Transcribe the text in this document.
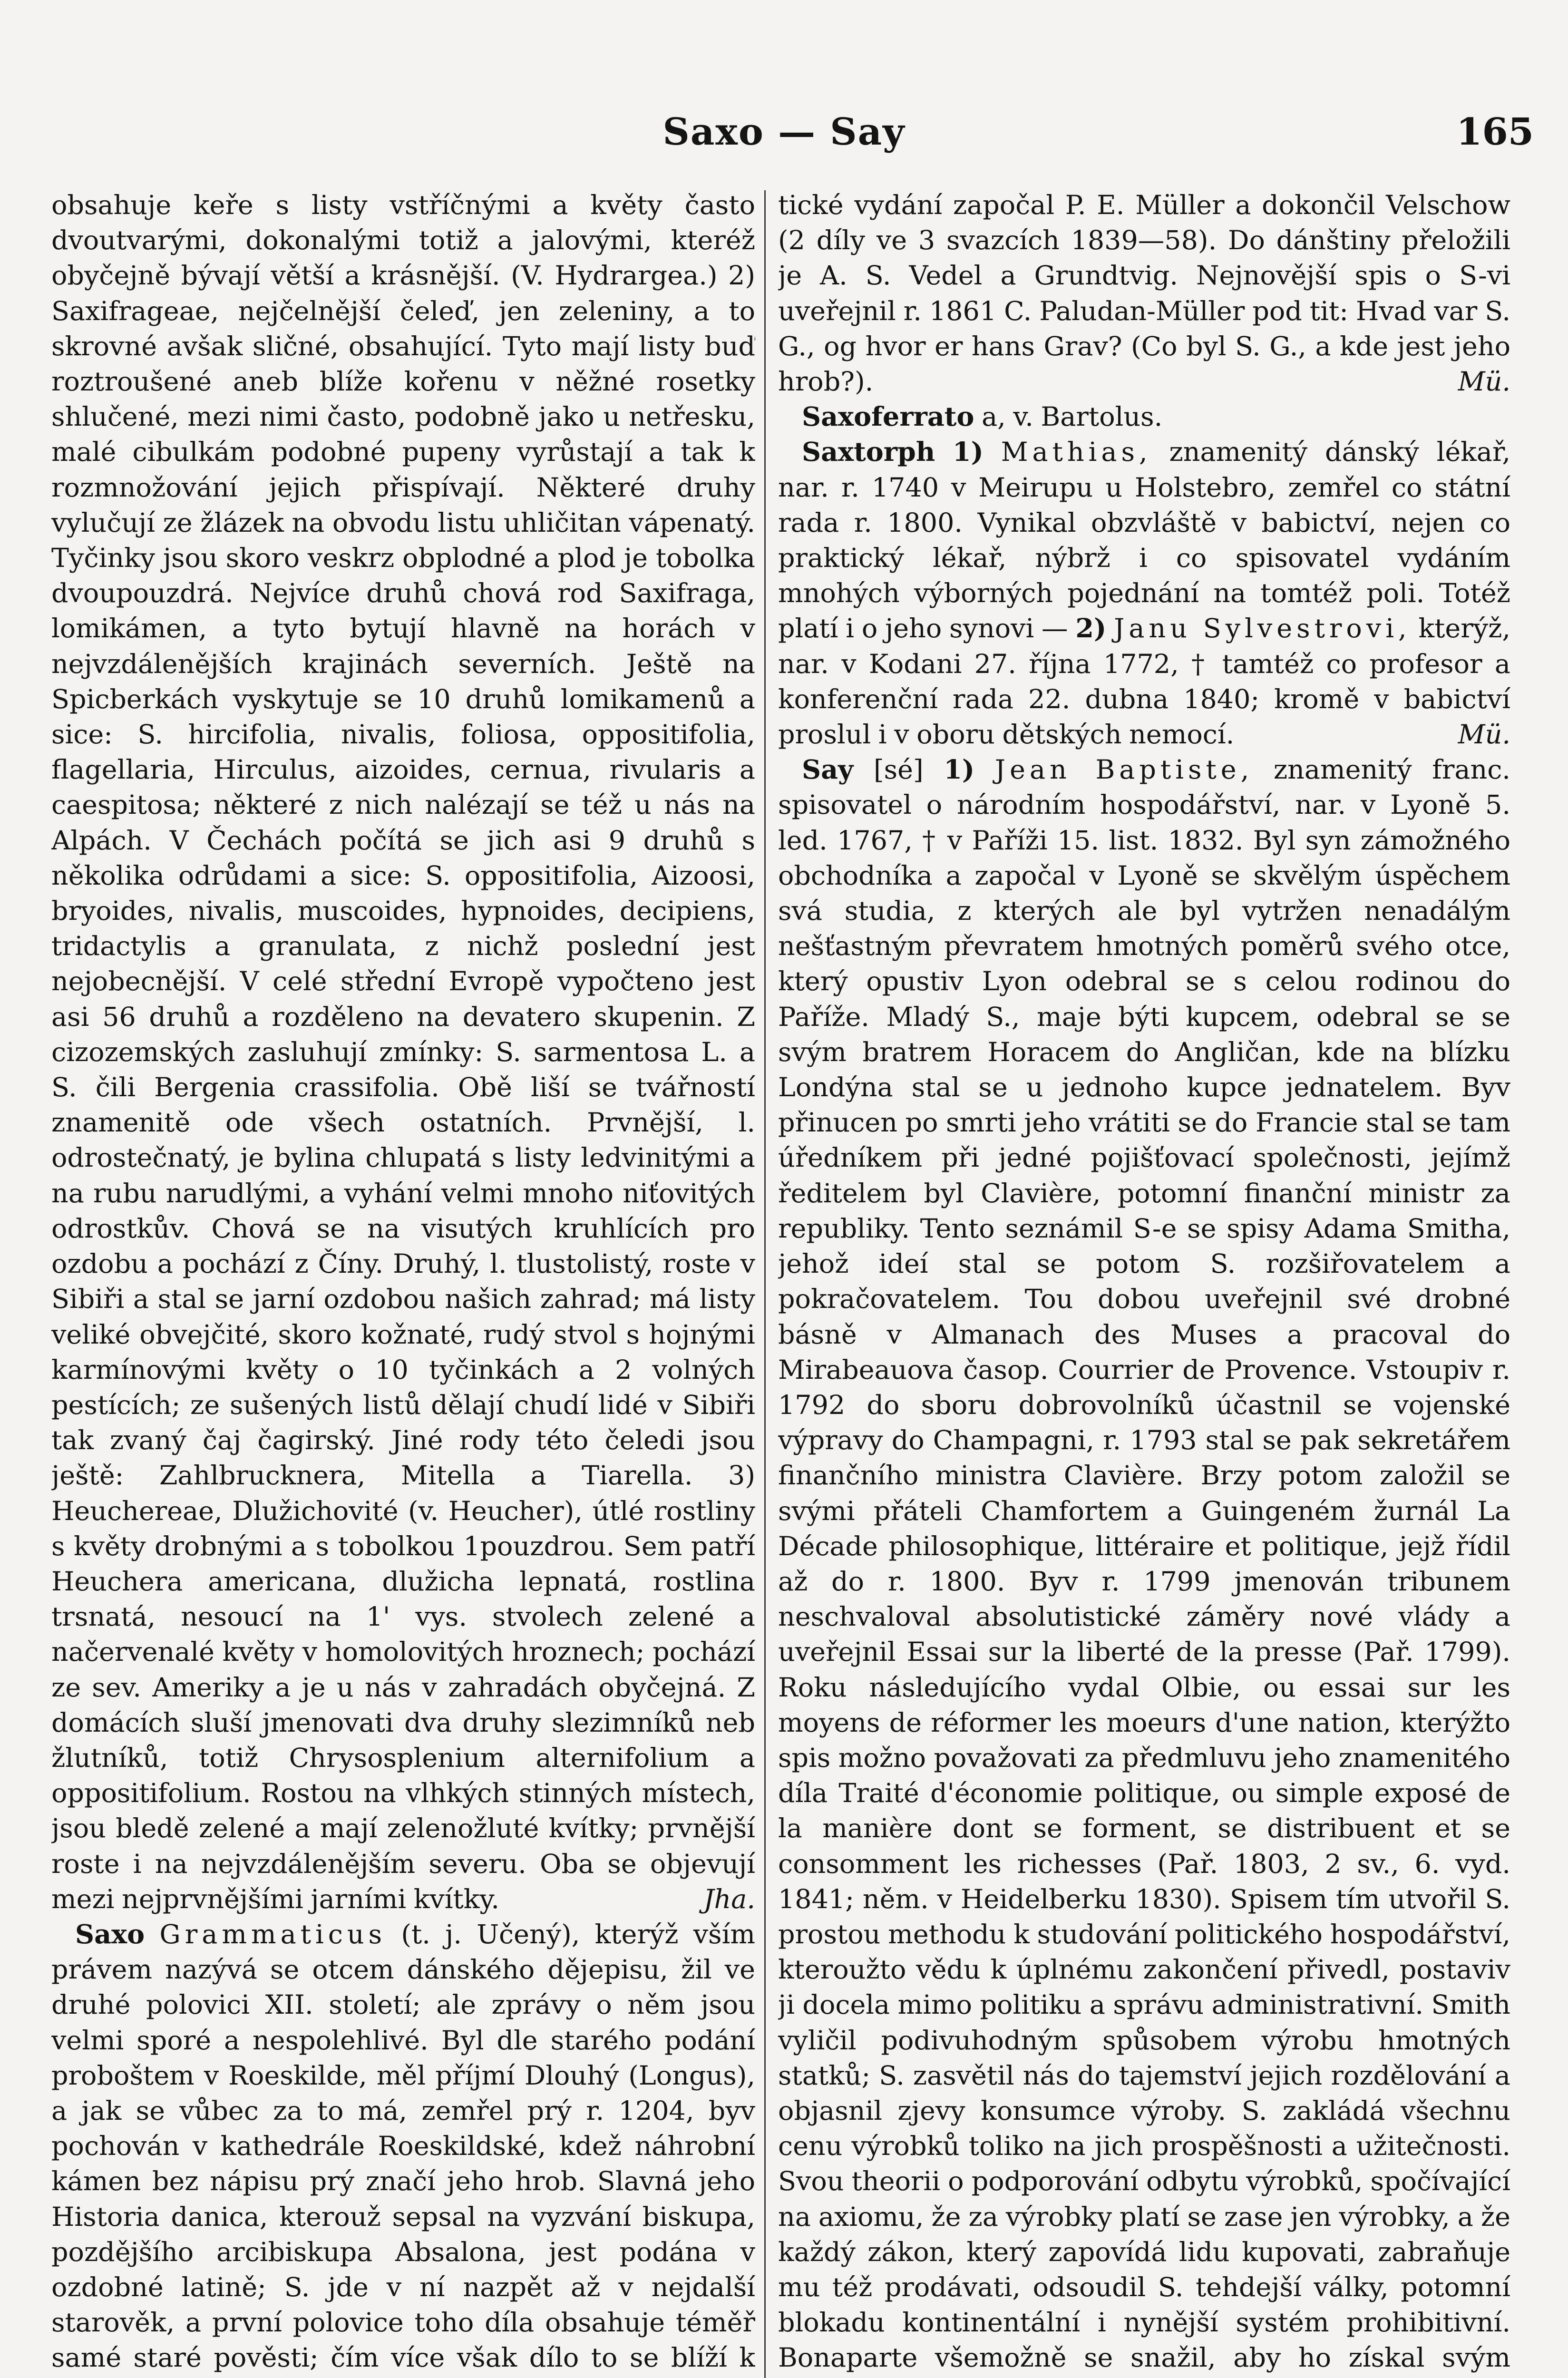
Saxo — Say	165

obsahuje keře s listy vstříčnými a květy často dvoutvarými, dokonalými totiž a jalovými, kteréž obyčejně bývají větší a krásnější. (V. Hydrargea.) 2) Saxifrageae, nejčelnější čeleď, jen zeleniny, a to skrovné avšak sličné, obsahující. Tyto mají listy buď roztroušené aneb blíže kořenu v něžné rosetky shlučené, mezi nimi často, podobně jako u netřesku, malé cibulkám podobné pupeny vyrůstají a tak k rozmnožování jejich přispívají. Některé druhy vylučují ze žlázek na obvodu listu uhličitan vápenatý. Tyčinky jsou skoro veskrz obplodné a plod je tobolka dvoupouzdrá. Nejvíce druhů chová rod Saxifraga, lomikámen, a tyto bytují hlavně na horách v nejvzdálenějších krajinách severních. Ještě na Spicberkách vyskytuje se 10 druhů lomikamenů a sice: S. hircifolia, nivalis, foliosa, oppositifolia, flagellaria, Hirculus, aizoides, cernua, rivularis a caespitosa; některé z nich nalézají se též u nás na Alpách. V Čechách počítá se jich asi 9 druhů s několika odrůdami a sice: S. oppositifolia, Aizoosi, bryoides, nivalis, muscoides, hypnoides, decipiens, tridactylis a granulata, z nichž poslední jest nejobecnější. V celé střední Evropě vypočteno jest asi 56 druhů a rozděleno na devatero skupenin. Z cizozemských zasluhují zmínky: S. sarmentosa L. a S. čili Bergenia crassifolia. Obě liší se tvářností znamenitě ode všech ostatních. Prvnější, l. odrostečnatý, je bylina chlupatá s listy ledvinitými a na rubu narudlými, a vyhání velmi mnoho niťovitých odrostkův. Chová se na visutých kruhlících pro ozdobu a pochází z Číny. Druhý, l. tlustolistý, roste v Sibiři a stal se jarní ozdobou našich zahrad; má listy veliké obvejčité, skoro kožnaté, rudý stvol s hojnými karmínovými květy o 10 tyčinkách a 2 volných pestících; ze sušených listů dělají chudí lidé v Sibiři tak zvaný čaj čagirský. Jiné rody této čeledi jsou ještě: Zahlbrucknera, Mitella a Tiarella. 3) Heuchereae, Dlužichovité (v. Heucher), útlé rostliny s květy drobnými a s tobolkou 1pouzdrou. Sem patří Heuchera americana, dlužicha lepnatá, rostlina trsnatá, nesoucí na 1' vys. stvolech zelené a načervenalé květy v homolovitých hroznech; pochází ze sev. Ameriky a je u nás v zahradách obyčejná. Z domácích sluší jmenovati dva druhy slezimníků neb žlutníků, totiž Chrysosplenium alternifolium a oppositifolium. Rostou na vlhkých stinných místech, jsou bledě zelené a mají zelenožluté kvítky; prvnější roste i na nejvzdálenějším severu. Oba se objevují mezi nejprvnějšími jarními kvítky.	Jha.

Saxo Grammaticus (t. j. Učený), kterýž vším právem nazývá se otcem dánského dějepisu, žil ve druhé polovici XII. století; ale zprávy o něm jsou velmi sporé a nespolehlivé. Byl dle starého podání proboštem v Roeskilde, měl příjmí Dlouhý (Longus), a jak se vůbec za to má, zemřel prý r. 1204, byv pochován v kathedrále Roeskildské, kdež náhrobní kámen bez nápisu prý značí jeho hrob. Slavná jeho Historia danica, kterouž sepsal na vyzvání biskupa, pozdějšího arcibiskupa Absalona, jest podána v ozdobné latině; S. jde v ní nazpět až v nejdalší starověk, a první polovice toho díla obsahuje téměř samé staré pověsti; čím více však dílo to se blíží k

tické vydání započal P. E. Müller a dokončil Velschow (2 díly ve 3 svazcích 1839—58). Do dánštiny přeložili je A. S. Vedel a Grundtvig. Nejnovější spis o S-vi uveřejnil r. 1861 C. Paludan-Müller pod tit: Hvad var S. G., og hvor er hans Grav? (Co byl S. G., a kde jest jeho hrob?).	Mü.

Saxoferrato a, v. Bartolus.

Saxtorph 1) Mathias, znamenitý dánský lékař, nar. r. 1740 v Meirupu u Holstebro, zemřel co státní rada r. 1800. Vynikal obzvláště v babictví, nejen co praktický lékař, nýbrž i co spisovatel vydáním mnohých výborných pojednání na tomtéž poli. Totéž platí i o jeho synovi — 2) Janu Sylvestrovi, kterýž, nar. v Kodani 27. října 1772, † tamtéž co profesor a konferenční rada 22. dubna 1840; kromě v babictví proslul i v oboru dětských nemocí.	Mü.

Say [sé] 1) Jean Baptiste, znamenitý franc. spisovatel o národním hospodářství, nar. v Lyoně 5. led. 1767, † v Paříži 15. list. 1832. Byl syn zámožného obchodníka a započal v Lyoně se skvělým úspěchem svá studia, z kterých ale byl vytržen nenadálým nešťastným převratem hmotných poměrů svého otce, který opustiv Lyon odebral se s celou rodinou do Paříže. Mladý S., maje býti kupcem, odebral se se svým bratrem Horacem do Angličan, kde na blízku Londýna stal se u jednoho kupce jednatelem. Byv přinucen po smrti jeho vrátiti se do Francie stal se tam úředníkem při jedné pojišťovací společnosti, jejímž ředitelem byl Clavière, potomní finanční ministr za republiky. Tento seznámil S-e se spisy Adama Smitha, jehož ideí stal se potom S. rozšiřovatelem a pokračovatelem. Tou dobou uveřejnil své drobné básně v Almanach des Muses a pracoval do Mirabeauova časop. Courrier de Provence. Vstoupiv r. 1792 do sboru dobrovolníků účastnil se vojenské výpravy do Champagni, r. 1793 stal se pak sekretářem finančního ministra Clavière. Brzy potom založil se svými přáteli Chamfortem a Guingeném žurnál La Décade philosophique, littéraire et politique, jejž řídil až do r. 1800. Byv r. 1799 jmenován tribunem neschvaloval absolutistické záměry nové vlády a uveřejnil Essai sur la liberté de la presse (Pař. 1799). Roku následujícího vydal Olbie, ou essai sur les moyens de réformer les moeurs d'une nation, kterýžto spis možno považovati za předmluvu jeho znamenitého díla Traité d'économie politique, ou simple exposé de la manière dont se forment, se distribuent et se consomment les richesses (Pař. 1803, 2 sv., 6. vyd. 1841; něm. v Heidelberku 1830). Spisem tím utvořil S. prostou methodu k studování politického hospodářství, kteroužto vědu k úplnému zakončení přivedl, postaviv ji docela mimo politiku a správu administrativní. Smith vyličil podivuhodným spůsobem výrobu hmotných statků; S. zasvětil nás do tajemství jejich rozdělování a objasnil zjevy konsumce výroby. S. zakládá všechnu cenu výrobků toliko na jich prospěšnosti a užitečnosti. Svou theorii o podporování odbytu výrobků, spočívající na axiomu, že za výrobky platí se zase jen výrobky, a že každý zákon, který zapovídá lidu kupovati, zabraňuje mu též prodávati, odsoudil S. tehdejší války, potomní blokadu kontinentální i nynější systém prohibitivní. Bonaparte všemožně se snažil, aby ho získal svým
